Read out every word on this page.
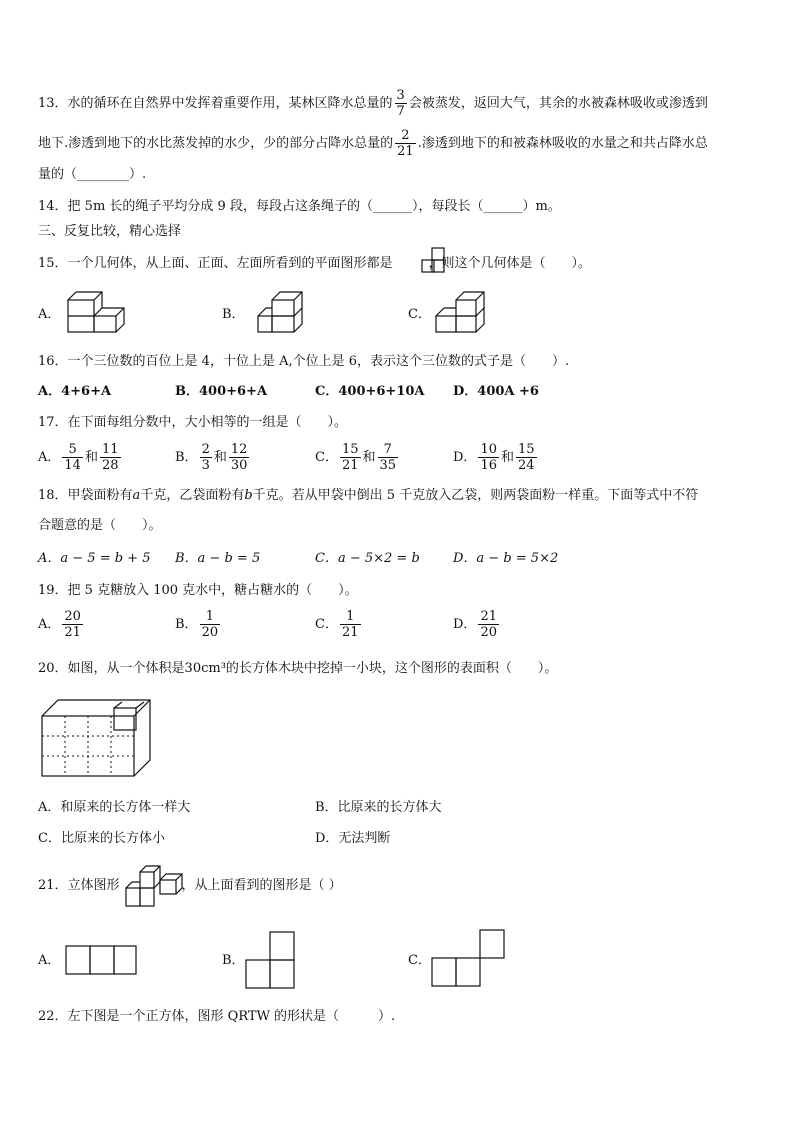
13．水的循环在自然界中发挥着重要作用，某林区降水总量的 $\frac{3}{7}$ 会被蒸发，返回大气，其余的水被森林吸收或渗透到
地下.渗透到地下的水比蒸发掉的水少，少的部分占降水总量的 $\frac{2}{21}$ .渗透到地下的和被森林吸收的水量之和共占降水总
量的（________）.
14．把 5m 长的绳子平均分成 9 段，每段占这条绳子的（______），每段长（______）m。
三、反复比较，精心选择
15．一个几何体，从上面、正面、左面所看到的平面图形都是	，则这个几何体是（　　）。
A．	B．	C．
16．一个三位数的百位上是 4，十位上是 A,个位上是 6，表示这个三位数的式子是（　　）.
A．4+6+A	B．400+6+A	C．400+6+10A D．400A +6
17．在下面每组分数中，大小相等的一组是（　　）。
A． $\frac{5}{14}$ 和 $\frac{11}{28}$	B． $\frac{2}{3}$ 和 $\frac{12}{30}$	C． $\frac{15}{21}$ 和 $\frac{7}{35}$	D． $\frac{10}{16}$ 和 $\frac{15}{24}$
18．甲袋面粉有a千克，乙袋面粉有b千克。若从甲袋中倒出 5 千克放入乙袋，则两袋面粉一样重。下面等式中不符
合题意的是（　　）。
A．a − 5 = b + 5 B．a − b = 5	C．a − 5×2 = b	D．a − b = 5×2
19．把 5 克糖放入 100 克水中，糖占糖水的（　　）。
A． $\frac{20}{21}$	B． $\frac{1}{20}$	C． $\frac{1}{21}$	D． $\frac{21}{20}$
20．如图，从一个体积是30cm³的长方体木块中挖掉一小块，这个图形的表面积（　　）。
A．和原来的长方体一样大	B．比原来的长方体大
C．比原来的长方体小	D．无法判断
21．立体图形	，从上面看到的图形是（ ）
A．	B．	C．
22．左下图是一个正方体，图形 QRTW 的形状是（　　　）.
